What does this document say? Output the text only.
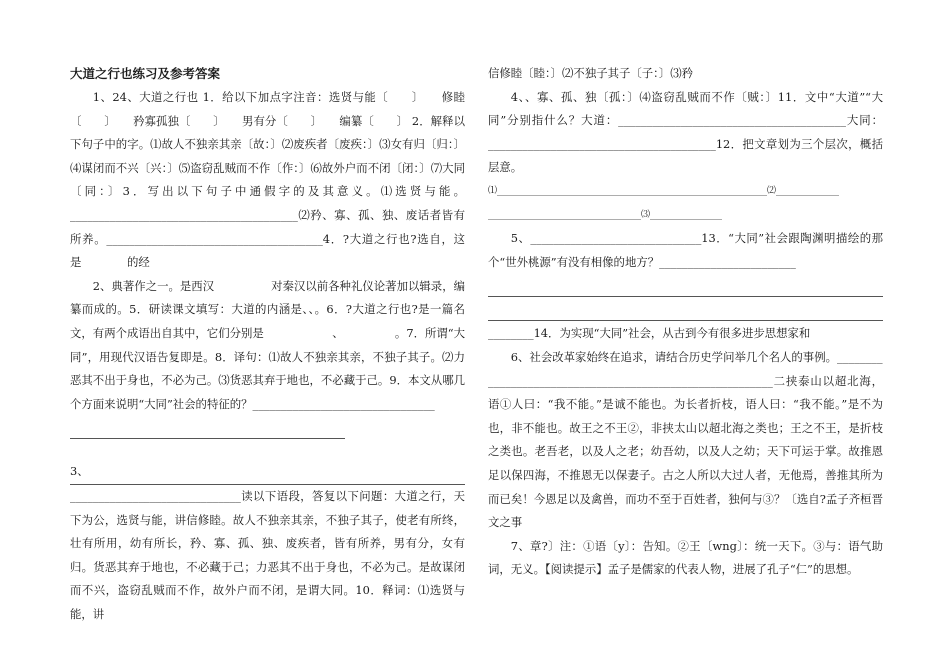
大道之行也练习及参考答案

1、24、大道之行也 1．给以下加点字注音：选贤与能〔　　〕　　修睦〔　　〕　　矜寡孤独〔　　〕　　男有分〔　　〕　　编纂〔　　〕 2．解释以下句子中的字。⑴故人不独亲其亲〔故：〕⑵废疾者〔废疾：〕⑶女有归〔归：〕⑷谋闭而不兴〔兴：〕⑸盗窃乱贼而不作〔作：〕⑹故外户而不闭〔闭：〕⑺大同〔同：〕3．写出以下句子中通假字的及其意义。⑴选贤与能。________________________________________⑵矜、寡、孤、独、废话者皆有所养。______________________________________4．?大道之行也?选自，这是　　　　的经

2、典著作之一。是西汉　　　　　对秦汉以前各种礼仪论著加以辑录，编纂而成的。5．研读课文填写：大道的内涵是、、。6．?大道之行也?是一篇名文，有两个成语出自其中，它们分别是　　　　　　、　　　　　。7．所谓“大同”，用现代汉语告复即是。8．译句：⑴故人不独亲其亲，不独子其子。⑵力恶其不出于身也，不必为己。⑶货恶其弃于地也，不必藏于己。9．本文从哪几个方面来说明“大同”社会的特征的？________________________________

3、

______________________________读以下语段，答复以下问题：大道之行，天下为公，选贤与能，讲信修睦。故人不独亲其亲，不独子其子，使老有所终，壮有所用，幼有所长，矜、寡、孤、独、废疾者，皆有所养，男有分，女有归。货恶其弃于地也，不必藏于己；力恶其不出于身也，不必为己。是故谋闭而不兴，盗窃乱贼而不作，故外户而不闭，是谓大同。10．释词：⑴选贤与能，讲

信修睦〔睦：〕⑵不独子其子〔子：〕⑶矜

4、、寡、孤、独〔孤：〕⑷盗窃乱贼而不作〔贼：〕11．文中“大道”“大同”分别指什么？大道：________________________________________大同：________________________________________12．把文章划为三个层次，概括层意。

⑴____________________________________________________________⑵______________

__________________________________⑶________________

5、______________________________13．“大同”社会跟陶渊明描绘的那个“世外桃源”有没有相像的地方？________________________

________14．为实现“大同”社会，从古到今有很多进步思想家和

6、社会改革家始终在追求，请结合历史学问举几个名人的事例。________

__________________________________________________二挟泰山以超北海，语①人曰：“我不能。”是诚不能也。为长者折枝，语人曰：“我不能。”是不为也，非不能也。故王之不王②，非挟太山以超北海之类也；王之不王，是折枝之类也。老吾老，以及人之老；幼吾幼，以及人之幼；天下可运于掌。故推恩足以保四海，不推恩无以保妻子。古之人所以大过人者，无他焉，善推其所为而已矣！今恩足以及禽兽，而功不至于百姓者，独何与③？〔选自?孟子齐桓晋文之事

7、章?〕注：①语〔y〕：告知。②王〔wng〕：统一天下。③与：语气助词，无义。【阅读提示】孟子是儒家的代表人物，进展了孔子“仁”的思想。
